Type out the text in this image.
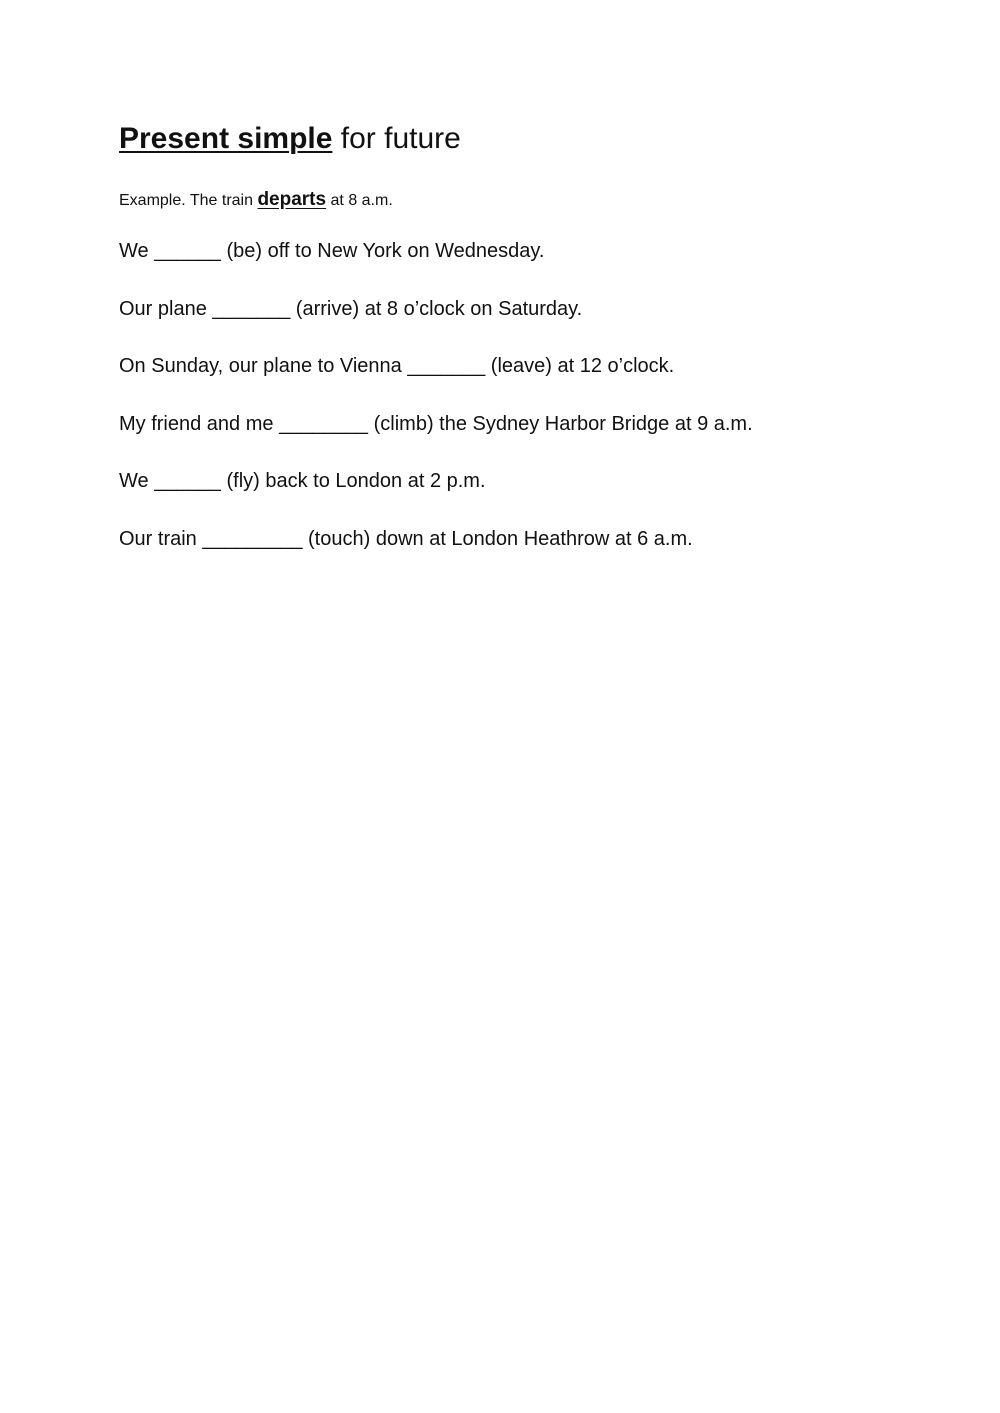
Present simple for future
Example. The train departs at 8 a.m.
We ______ (be) off to New York on Wednesday.
Our plane _______ (arrive) at 8 o’clock on Saturday.
On Sunday, our plane to Vienna _______ (leave) at 12 o’clock.
My friend and me ________ (climb) the Sydney Harbor Bridge at 9 a.m.
We ______ (fly) back to London at 2 p.m.
Our train _________ (touch) down at London Heathrow at 6 a.m.
